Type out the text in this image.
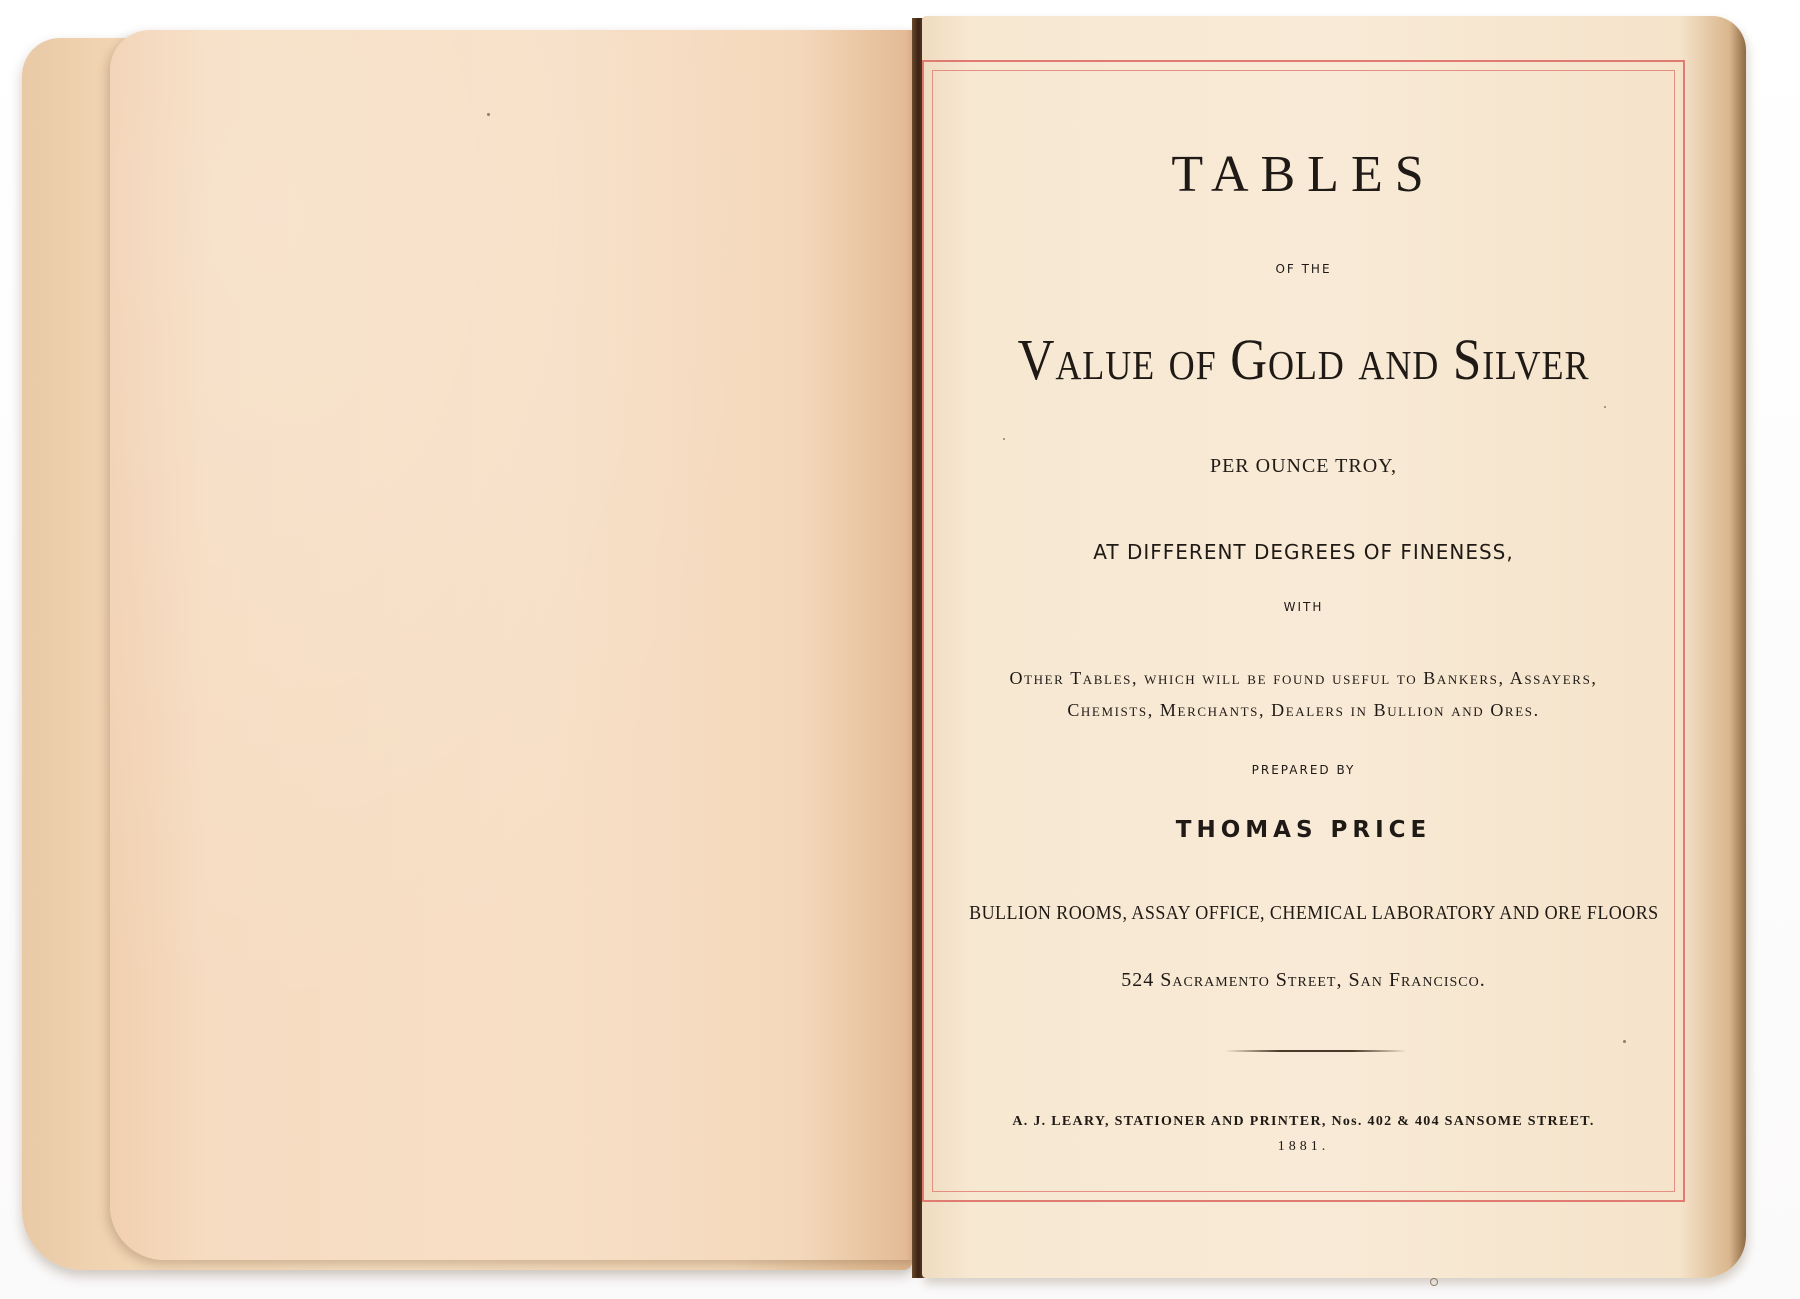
TABLES
OF THE
Value of Gold and Silver
PER OUNCE TROY,
AT DIFFERENT DEGREES OF FINENESS,
WITH
Other Tables, which will be found useful to Bankers, Assayers,
Chemists, Merchants, Dealers in Bullion and Ores.
PREPARED BY
THOMAS PRICE
BULLION ROOMS, ASSAY OFFICE, CHEMICAL LABORATORY AND ORE FLOORS
524 Sacramento Street, San Francisco.
A. J. LEARY, STATIONER AND PRINTER, Nos. 402 & 404 SANSOME STREET.
1881.
